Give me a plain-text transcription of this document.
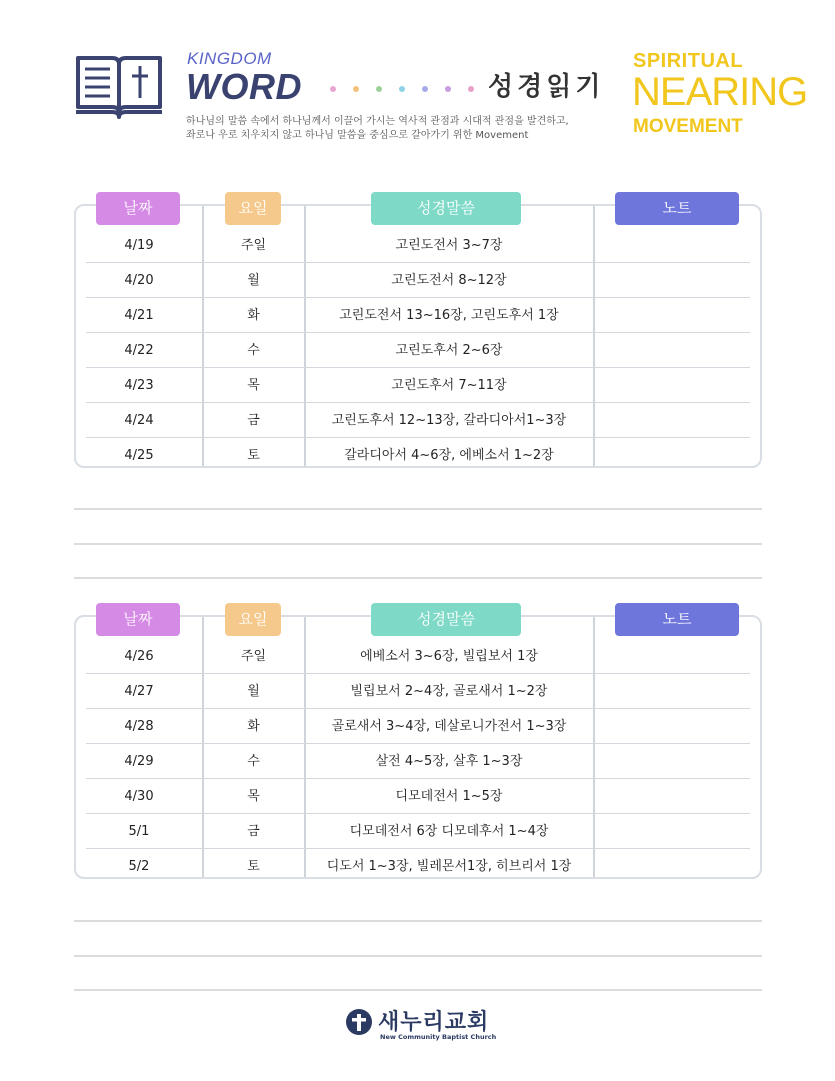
KINGDOM
WORD	성경읽기
하나님의 말씀 속에서 하나님께서 이끌어 가시는 역사적 관점과 시대적 관점을 발견하고,
좌로나 우로 치우치지 않고 하나님 말씀을 중심으로 갈아가기 위한 Movement
SPIRITUAL
NEARING
MOVEMENT
4/19	주일	고린도전서 3~7장
4/20	월	고린도전서 8~12장
4/21	화	고린도전서 13~16장, 고린도후서 1장
4/22	수	고린도후서 2~6장
4/23	목	고린도후서 7~11장
4/24	금	고린도후서 12~13장, 갈라디아서1~3장
4/25	토	갈라디아서 4~6장, 에베소서 1~2장
날짜	요일	성경말씀	노트
4/26	주일	에베소서 3~6장, 빌립보서 1장
4/27	월	빌립보서 2~4장, 골로새서 1~2장
4/28	화	골로새서 3~4장, 데살로니가전서 1~3장
4/29	수	살전 4~5장, 살후 1~3장
4/30	목	디모데전서 1~5장
5/1	금	디모데전서 6장 디모데후서 1~4장
5/2	토	디도서 1~3장, 빌레몬서1장, 히브리서 1장
날짜	요일	성경말씀	노트
새누리교회
New Community Baptist Church
